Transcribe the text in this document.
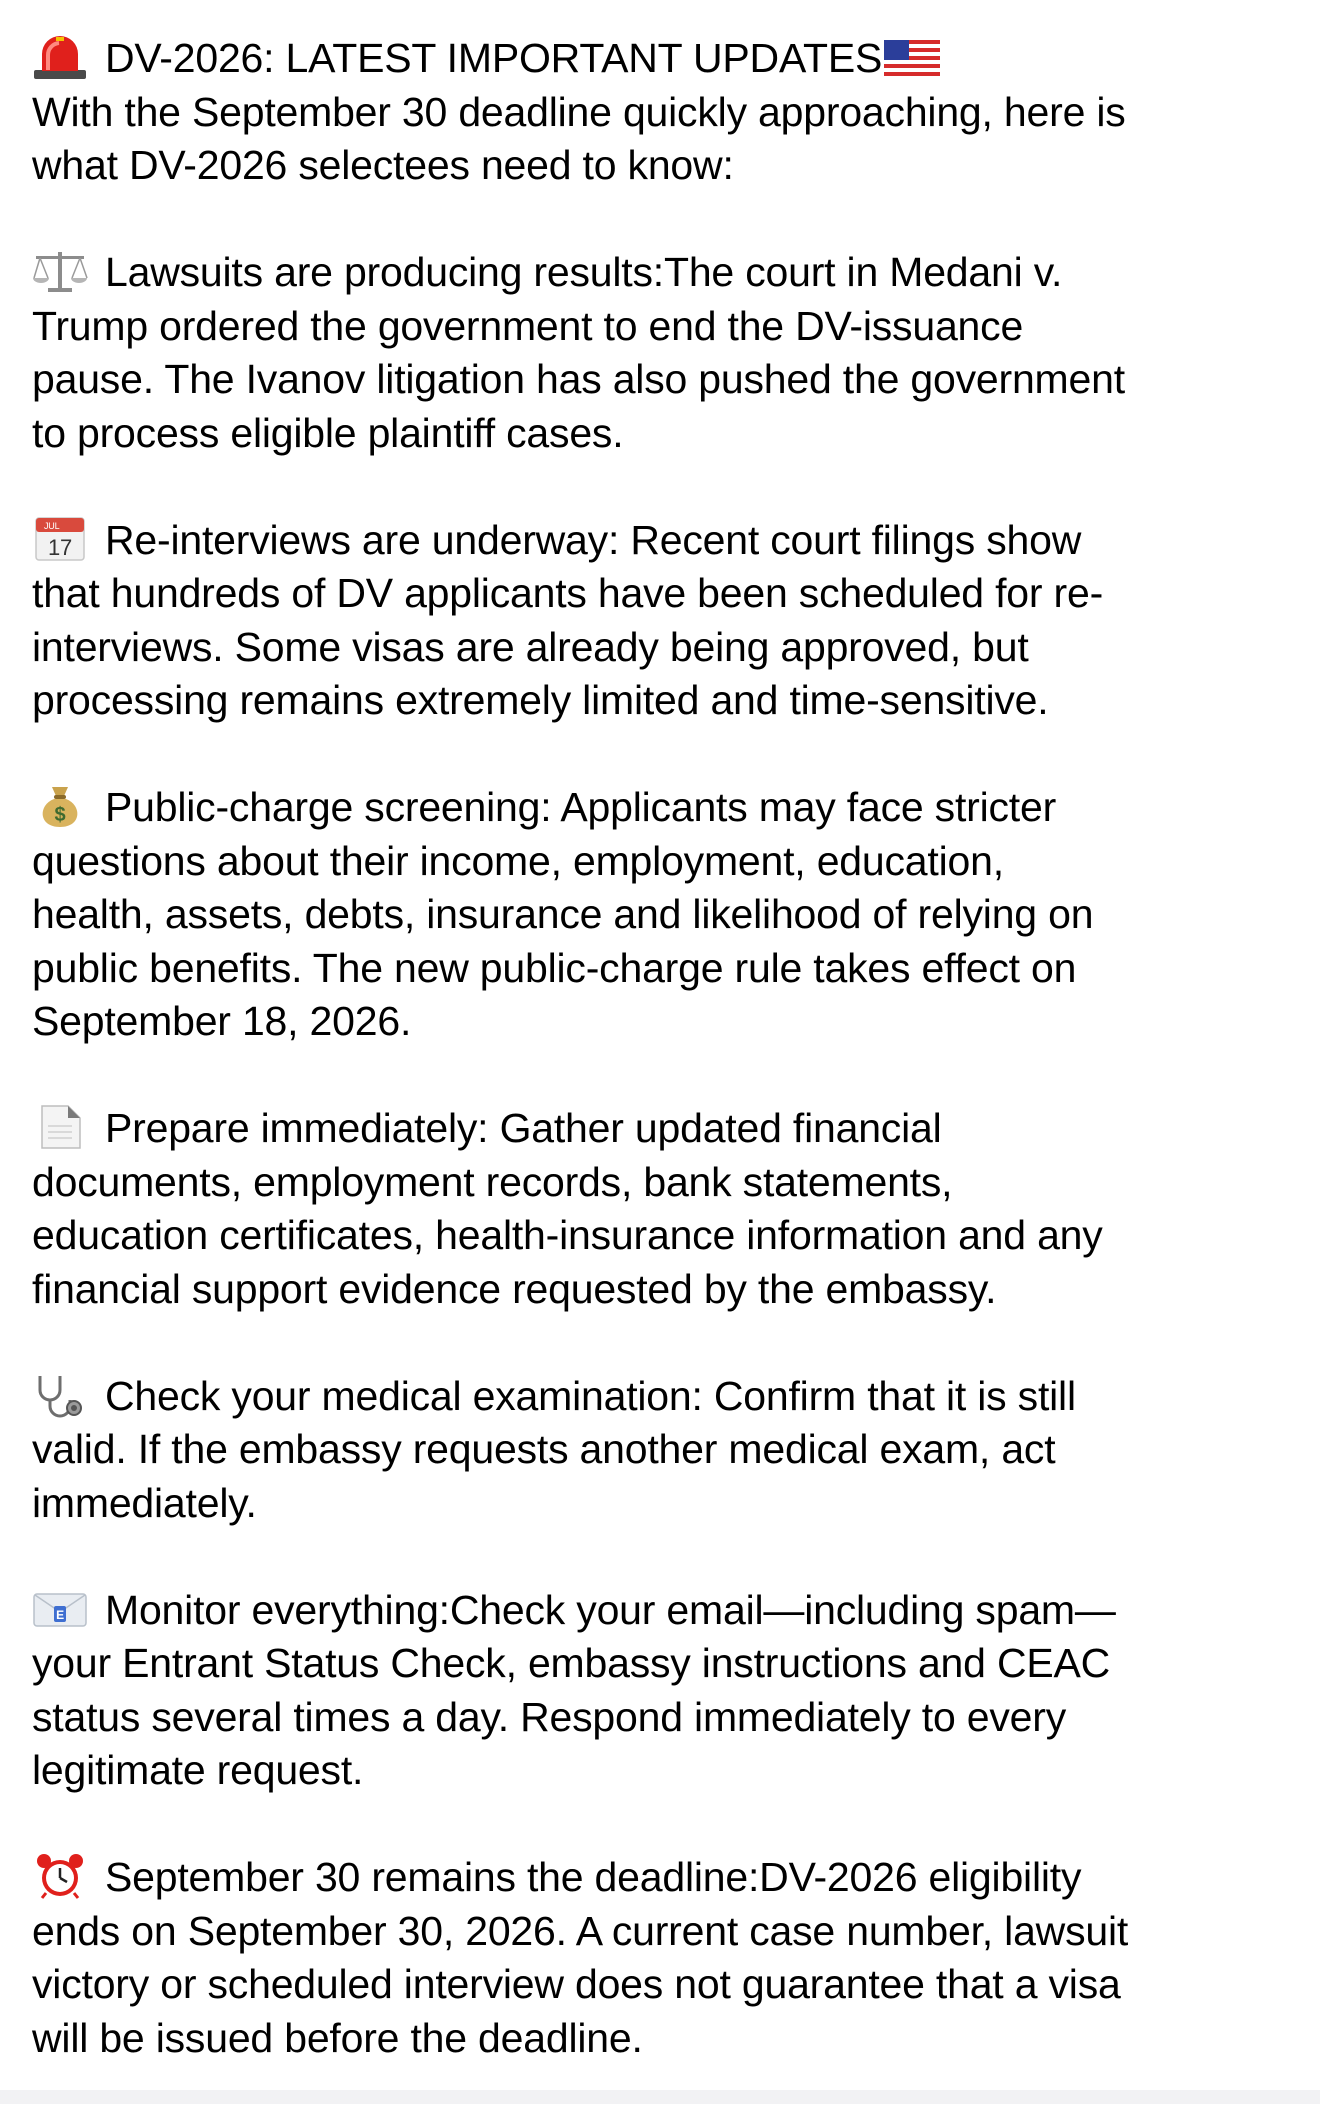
DV-2026: LATEST IMPORTANT UPDATES
With the September 30 deadline quickly approaching, here is
what DV-2026 selectees need to know:
Lawsuits are producing results:The court in Medani v.
Trump ordered the government to end the DV-issuance
pause. The Ivanov litigation has also pushed the government
to process eligible plaintiff cases.
JUL
17 Re-interviews are underway: Recent court filings show
that hundreds of DV applicants have been scheduled for re-
interviews. Some visas are already being approved, but
processing remains extremely limited and time-sensitive.
$ Public-charge screening: Applicants may face stricter
questions about their income, employment, education,
health, assets, debts, insurance and likelihood of relying on
public benefits. The new public-charge rule takes effect on
September 18, 2026.
Prepare immediately: Gather updated financial
documents, employment records, bank statements,
education certificates, health-insurance information and any
financial support evidence requested by the embassy.
Check your medical examination: Confirm that it is still
valid. If the embassy requests another medical exam, act
immediately.
E Monitor everything:Check your email—including spam—
your Entrant Status Check, embassy instructions and CEAC
status several times a day. Respond immediately to every
legitimate request.
September 30 remains the deadline:DV-2026 eligibility
ends on September 30, 2026. A current case number, lawsuit
victory or scheduled interview does not guarantee that a visa
will be issued before the deadline.
